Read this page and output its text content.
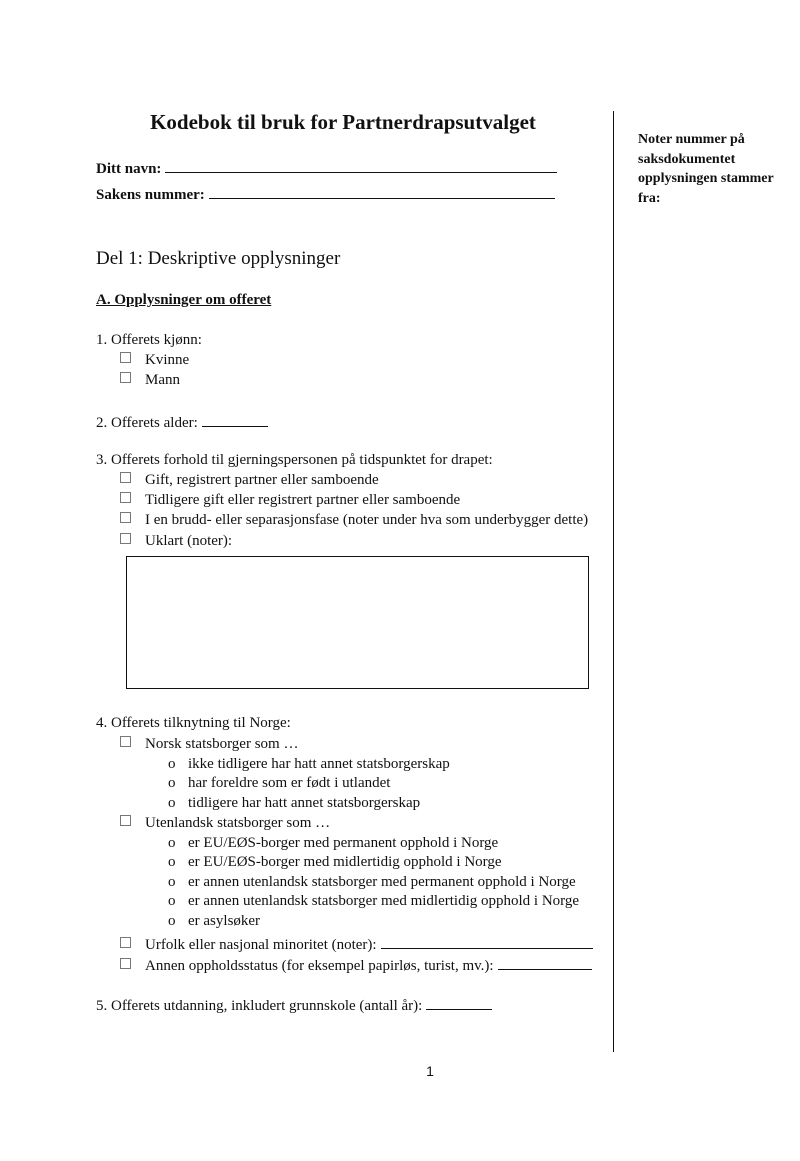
Kodebok til bruk for Partnerdrapsutvalget
Ditt navn:
Sakens nummer:
Noter nummer på saksdokumentet opplysningen stammer fra:
Del 1: Deskriptive opplysninger
A. Opplysninger om offeret
1. Offerets kjønn:
Kvinne
Mann
2. Offerets alder:
3. Offerets forhold til gjerningspersonen på tidspunktet for drapet:
Gift, registrert partner eller samboende
Tidligere gift eller registrert partner eller samboende
I en brudd- eller separasjonsfase (noter under hva som underbygger dette)
Uklart (noter):
4. Offerets tilknytning til Norge:
Norsk statsborger som …
o ikke tidligere har hatt annet statsborgerskap
o har foreldre som er født i utlandet
o tidligere har hatt annet statsborgerskap
Utenlandsk statsborger som …
o er EU/EØS-borger med permanent opphold i Norge
o er EU/EØS-borger med midlertidig opphold i Norge
o er annen utenlandsk statsborger med permanent opphold i Norge
o er annen utenlandsk statsborger med midlertidig opphold i Norge
o er asylsøker
Urfolk eller nasjonal minoritet (noter):
Annen oppholdsstatus (for eksempel papirløs, turist, mv.):
5. Offerets utdanning, inkludert grunnskole (antall år):
1
